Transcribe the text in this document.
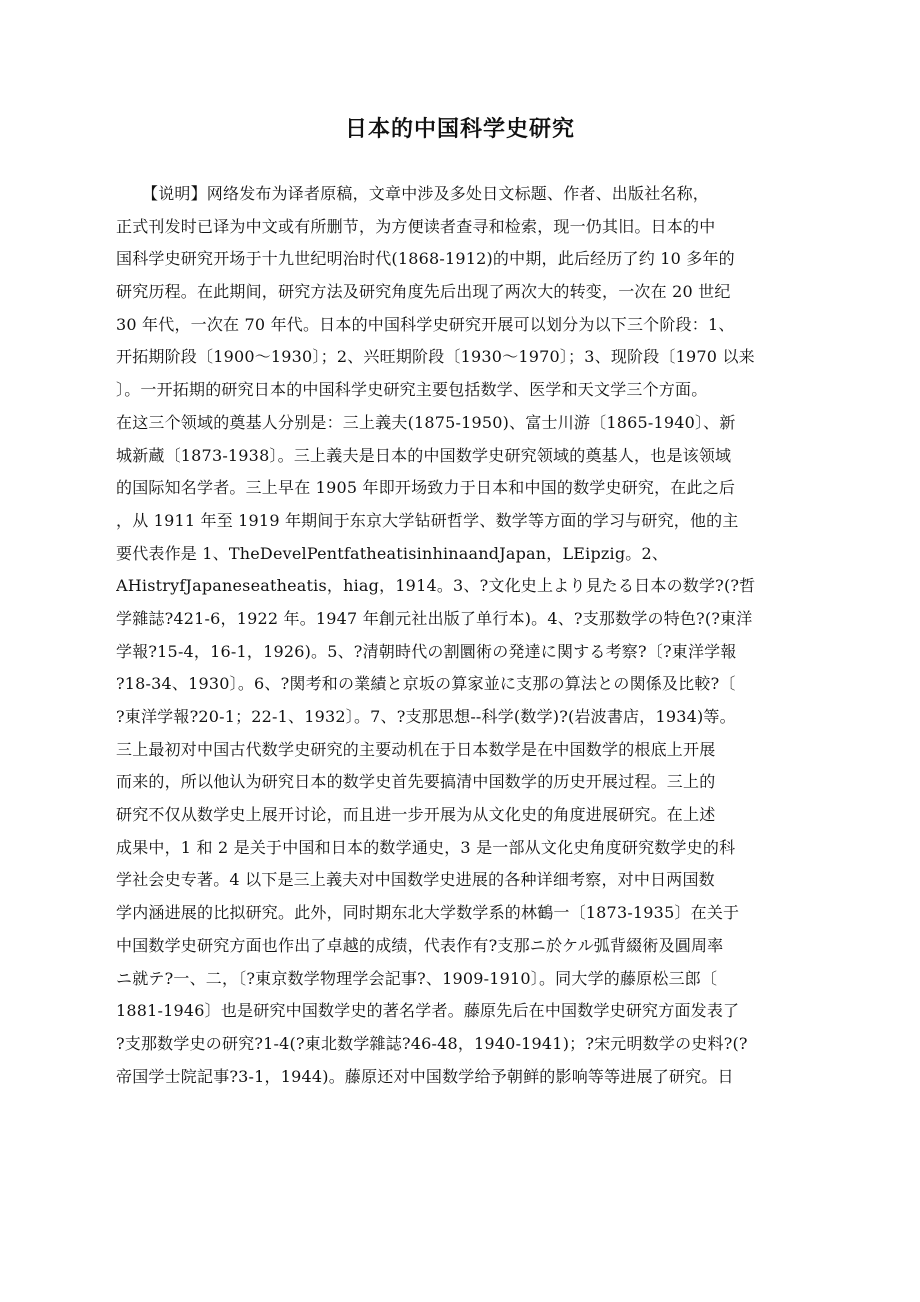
日本的中国科学史研究
【说明】网络发布为译者原稿，文章中涉及多处日文标题、作者、出版社名称，
正式刊发时已译为中文或有所删节，为方便读者查寻和检索，现一仍其旧。日本的中
国科学史研究开场于十九世纪明治时代(1868-1912)的中期，此后经历了约 10 多年的
研究历程。在此期间，研究方法及研究角度先后出现了两次大的转变，一次在 20 世纪
30 年代，一次在 70 年代。日本的中国科学史研究开展可以划分为以下三个阶段：1、
开拓期阶段〔1900～1930〕；2、兴旺期阶段〔1930～1970〕；3、现阶段〔1970 以来
〕。一开拓期的研究日本的中国科学史研究主要包括数学、医学和天文学三个方面。
在这三个领域的奠基人分别是：三上義夫(1875-1950)、富士川游〔1865-1940〕、新
城新蔵〔1873-1938〕。三上義夫是日本的中国数学史研究领域的奠基人，也是该领域
的国际知名学者。三上早在 1905 年即开场致力于日本和中国的数学史研究，在此之后
，从 1911 年至 1919 年期间于东京大学钻研哲学、数学等方面的学习与研究，他的主
要代表作是 1、TheDevelPentfatheatisinhinaandJapan，LEipzig。2、
AHistryfJapaneseatheatis，hiag，1914。3、?文化史上より見たる日本の数学?(?哲
学雜誌?421-6，1922 年。1947 年創元社出版了单行本)。4、?支那数学の特色?(?東洋
学報?15-4，16-1，1926)。5、?清朝時代の割圜術の発達に関する考察?〔?東洋学報
?18-34、1930〕。6、?関考和の業績と京坂の算家並に支那の算法との関係及比較?〔
?東洋学報?20-1；22-1、1932〕。7、?支那思想--科学(数学)?(岩波書店，1934)等。
三上最初对中国古代数学史研究的主要动机在于日本数学是在中国数学的根底上开展
而来的，所以他认为研究日本的数学史首先要搞清中国数学的历史开展过程。三上的
研究不仅从数学史上展开讨论，而且进一步开展为从文化史的角度进展研究。在上述
成果中，1 和 2 是关于中国和日本的数学通史，3 是一部从文化史角度研究数学史的科
学社会史专著。4 以下是三上義夫对中国数学史进展的各种详细考察，对中日两国数
学内涵进展的比拟研究。此外，同时期东北大学数学系的林鶴一〔1873-1935〕在关于
中国数学史研究方面也作出了卓越的成绩，代表作有?支那ニ於ケル弧背綴術及圓周率
ニ就テ?一、二，〔?東京数学物理学会記事?、1909-1910〕。同大学的藤原松三郎〔
1881-1946〕也是研究中国数学史的著名学者。藤原先后在中国数学史研究方面发表了
?支那数学史の研究?1-4(?東北数学雜誌?46-48，1940-1941)；?宋元明数学の史料?(?
帝国学士院記事?3-1，1944)。藤原还对中国数学给予朝鲜的影响等等进展了研究。日
